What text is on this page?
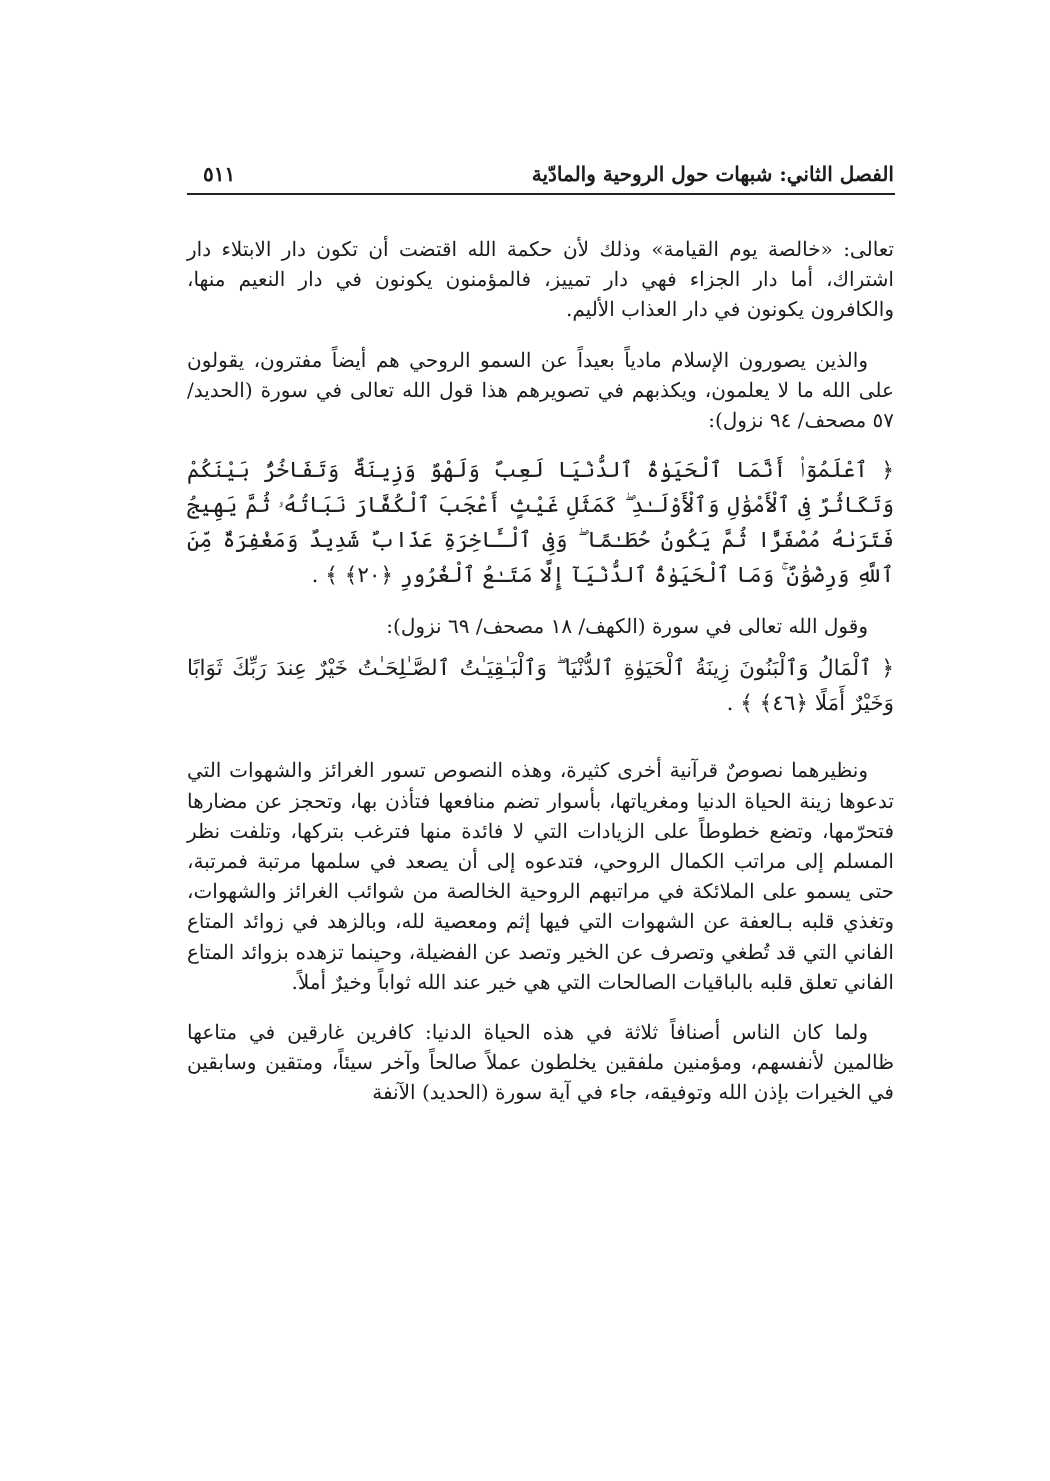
الفصل الثاني: شبهات حول الروحية والمادّية
٥١١

تعالى: «خالصة يوم القيامة» وذلك لأن حكمة الله اقتضت أن تكون دار الابتلاء دار اشتراك، أما دار الجزاء فهي دار تمييز، فالمؤمنون يكونون في دار النعيم منها، والكافرون يكونون في دار العذاب الأليم.

والذين يصورون الإسلام مادياً بعيداً عن السمو الروحي هم أيضاً مفترون، يقولون على الله ما لا يعلمون، ويكذبهم في تصويرهم هذا قول الله تعالى في سورة (الحديد/ ٥٧ مصحف/ ٩٤ نزول):

﴿ ٱعْلَمُوٓا۟ أَنَّمَا ٱلْحَيَوٰةُ ٱلدُّنْيَا لَعِبٌ وَلَهْوٌ وَزِينَةٌ وَتَفَاخُرٌۢ بَيْنَكُمْ وَتَكَاثُرٌ فِى ٱلْأَمْوَٰلِ وَٱلْأَوْلَـٰدِ ۖ كَمَثَلِ غَيْثٍ أَعْجَبَ ٱلْكُفَّارَ نَبَاتُهُۥ ثُمَّ يَهِيجُ فَتَرَىٰهُ مُصْفَرًّا ثُمَّ يَكُونُ حُطَـٰمًا ۖ وَفِى ٱلْـَٔاخِرَةِ عَذَابٌ شَدِيدٌ وَمَغْفِرَةٌ مِّنَ ٱللَّهِ وَرِضْوَٰنٌ ۚ وَمَا ٱلْحَيَوٰةُ ٱلدُّنْيَآ إِلَّا مَتَـٰعُ ٱلْغُرُورِ ﴿٢٠﴾ ﴾ .

وقول الله تعالى في سورة (الكهف/ ١٨ مصحف/ ٦٩ نزول):

﴿ ٱلْمَالُ وَٱلْبَنُونَ زِينَةُ ٱلْحَيَوٰةِ ٱلدُّنْيَا ۖ وَٱلْبَـٰقِيَـٰتُ ٱلصَّـٰلِحَـٰتُ خَيْرٌ عِندَ رَبِّكَ ثَوَابًا وَخَيْرٌ أَمَلًا ﴿٤٦﴾ ﴾ .

ونظيرهما نصوصٌ قرآنية أخرى كثيرة، وهذه النصوص تسور الغرائز والشهوات التي تدعوها زينة الحياة الدنيا ومغرياتها، بأسوار تضم منافعها فتأذن بها، وتحجز عن مضارها فتحرّمها، وتضع خطوطاً على الزيادات التي لا فائدة منها فترغب بتركها، وتلفت نظر المسلم إلى مراتب الكمال الروحي، فتدعوه إلى أن يصعد في سلمها مرتبة فمرتبة، حتى يسمو على الملائكة في مراتبهم الروحية الخالصة من شوائب الغرائز والشهوات، وتغذي قلبه بـالعفة عن الشهوات التي فيها إثم ومعصية لله، وبالزهد في زوائد المتاع الفاني التي قد تُطغي وتصرف عن الخير وتصد عن الفضيلة، وحينما تزهده بزوائد المتاع الفاني تعلق قلبه بالباقيات الصالحات التي هي خير عند الله ثواباً وخيرٌ أملاً.

ولما كان الناس أصنافاً ثلاثة في هذه الحياة الدنيا: كافرين غارقين في متاعها ظالمين لأنفسهم، ومؤمنين ملفقين يخلطون عملاً صالحاً وآخر سيئاً، ومتقين وسابقين في الخيرات بإذن الله وتوفيقه، جاء في آية سورة (الحديد) الآنفة
